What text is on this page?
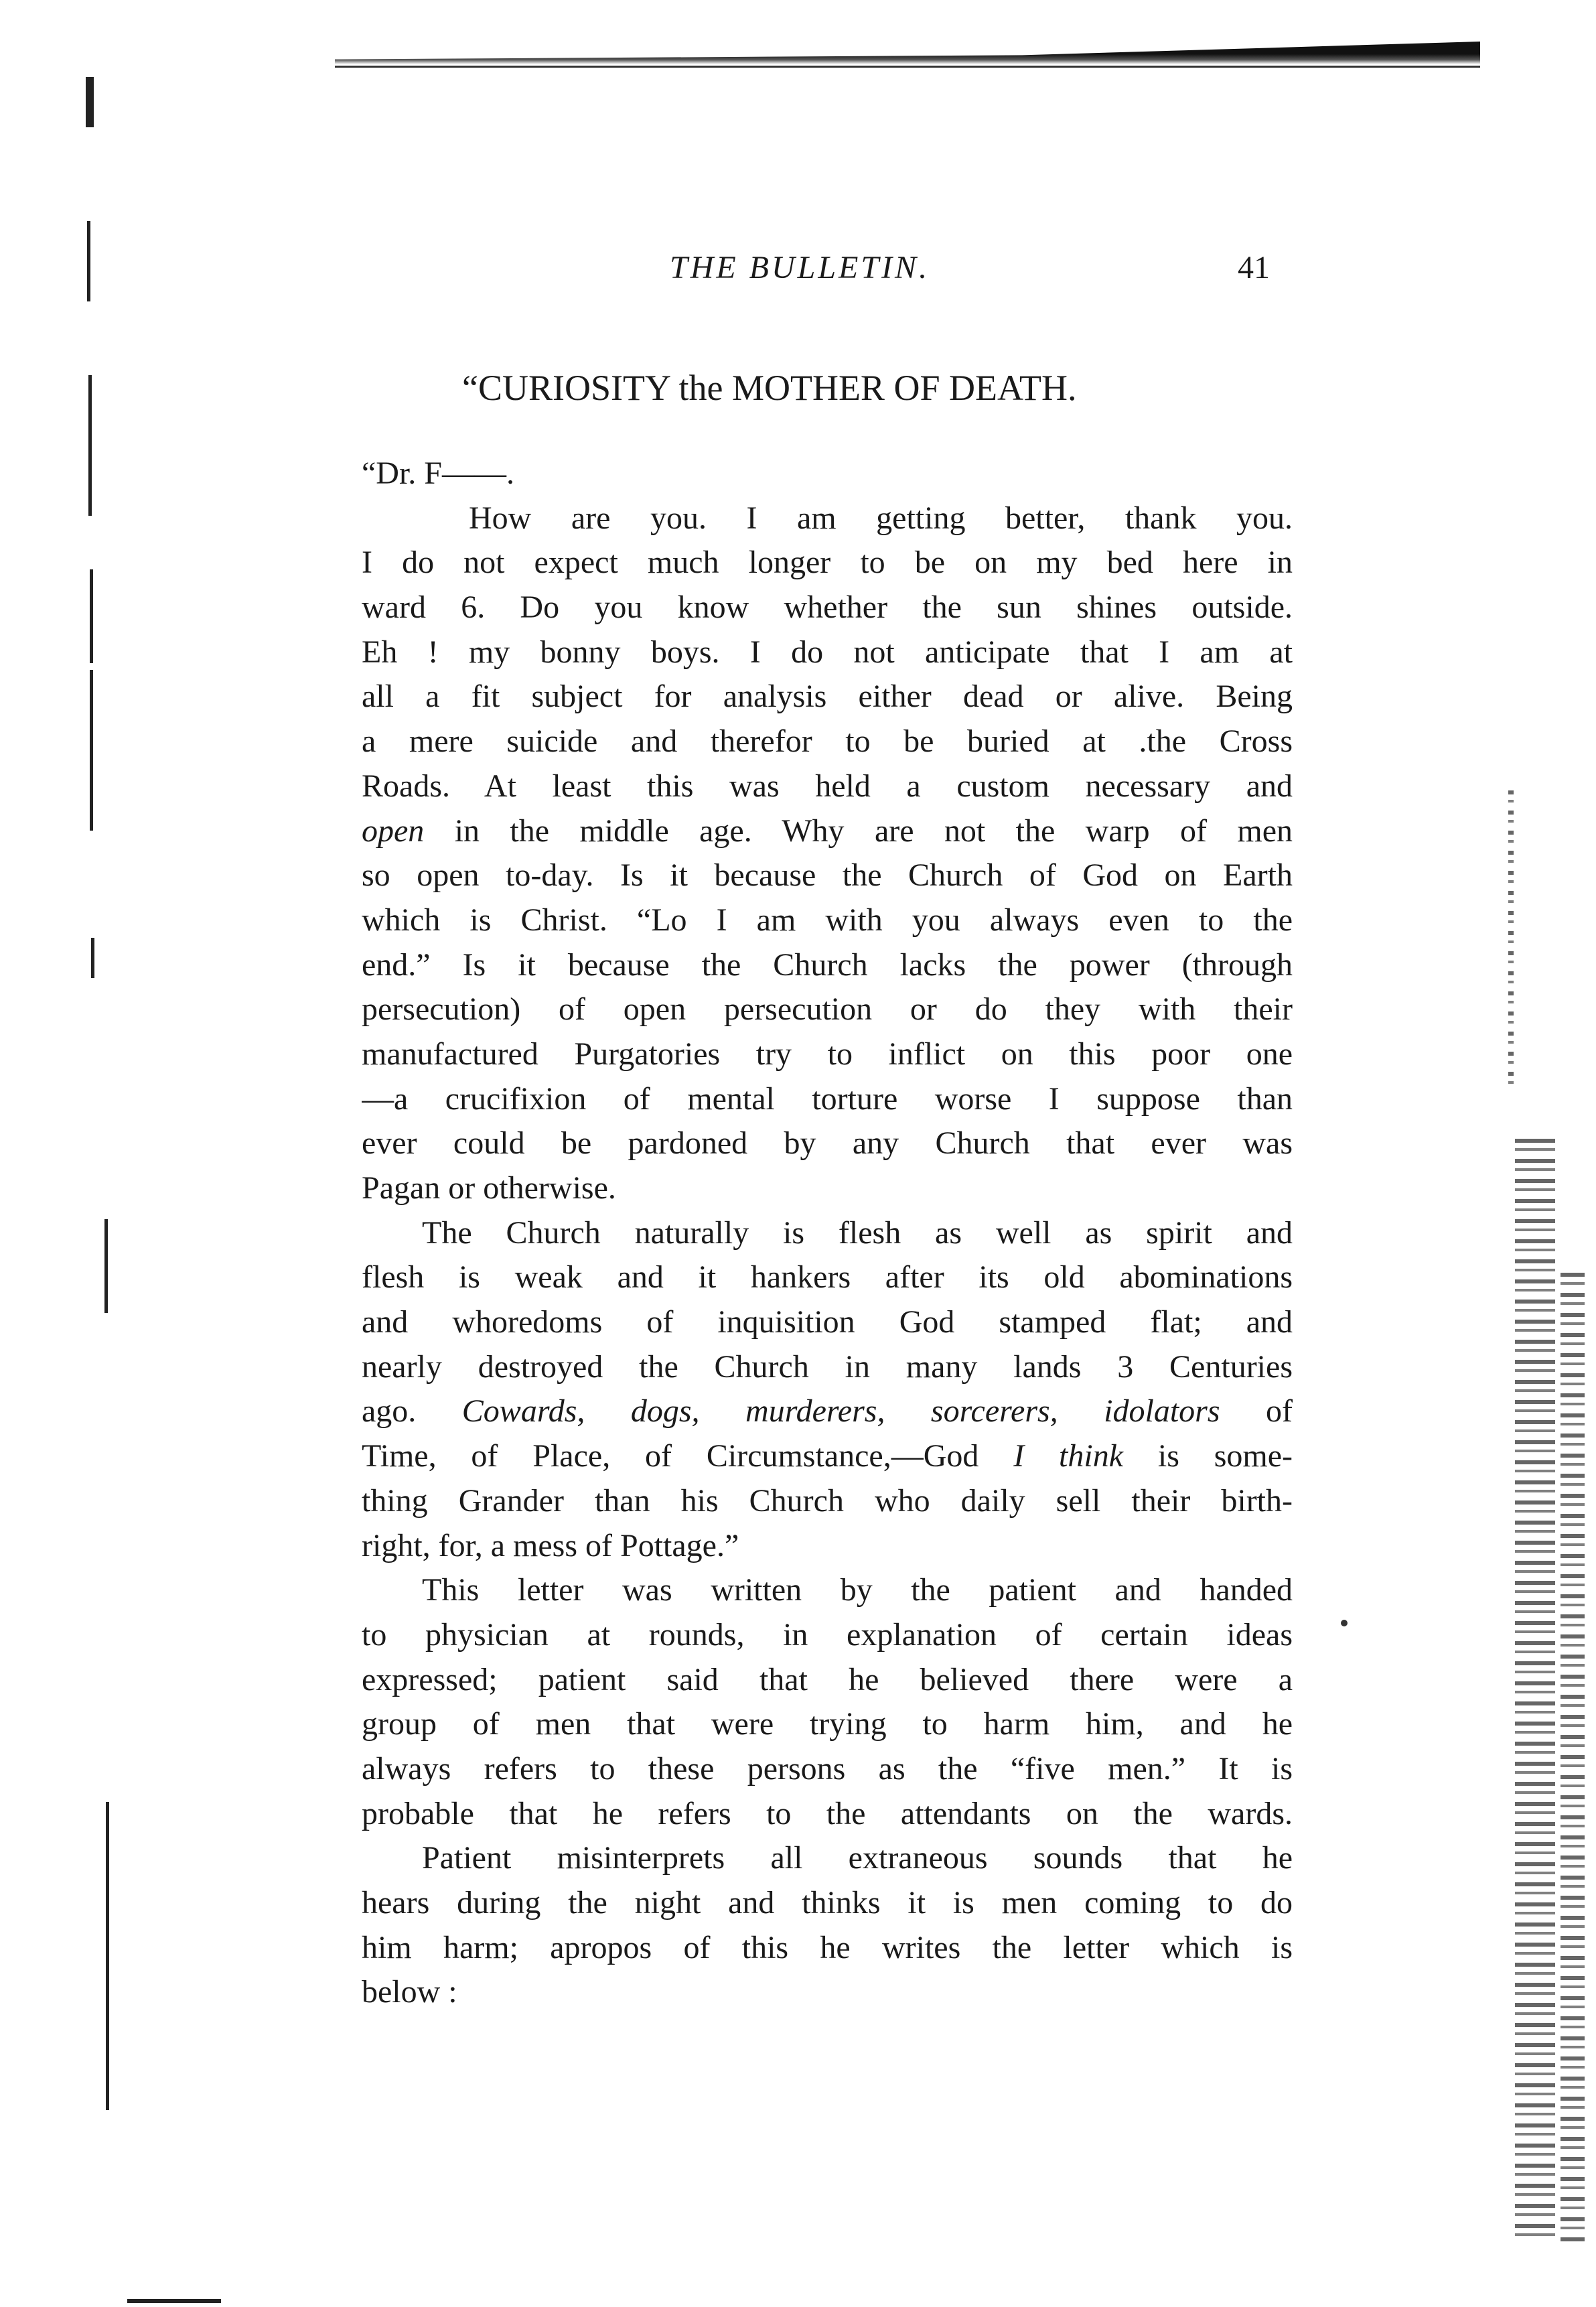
THE BULLETIN.	41
“CURIOSITY the MOTHER OF DEATH.
“Dr. F——.
How are you. I am getting better, thank you.
I do not expect much longer to be on my bed here in
ward 6. Do you know whether the sun shines outside.
Eh ! my bonny boys. I do not anticipate that I am at
all a fit subject for analysis either dead or alive. Being
a mere suicide and therefor to be buried at .the Cross
Roads. At least this was held a custom necessary and
open in the middle age. Why are not the warp of men
so open to-day. Is it because the Church of God on Earth
which is Christ. “Lo I am with you always even to the
end.” Is it because the Church lacks the power (through
persecution) of open persecution or do they with their
manufactured Purgatories try to inflict on this poor one
—a crucifixion of mental torture worse I suppose than
ever could be pardoned by any Church that ever was
Pagan or otherwise.
The Church naturally is flesh as well as spirit and
flesh is weak and it hankers after its old abominations
and whoredoms of inquisition God stamped flat; and
nearly destroyed the Church in many lands 3 Centuries
ago. Cowards, dogs, murderers, sorcerers, idolators of
Time, of Place, of Circumstance,—God I think is some-
thing Grander than his Church who daily sell their birth-
right, for, a mess of Pottage.”
This letter was written by the patient and handed
to physician at rounds, in explanation of certain ideas
expressed; patient said that he believed there were a
group of men that were trying to harm him, and he
always refers to these persons as the “five men.” It is
probable that he refers to the attendants on the wards.
Patient misinterprets all extraneous sounds that he
hears during the night and thinks it is men coming to do
him harm; apropos of this he writes the letter which is
below :
